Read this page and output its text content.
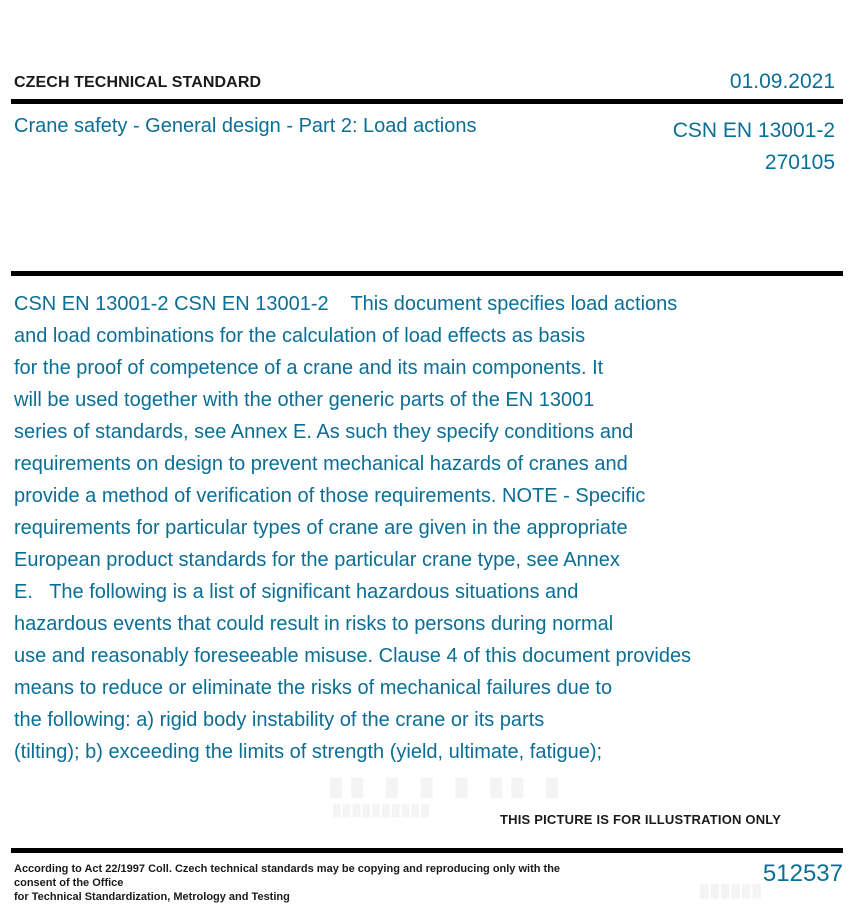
CZECH TECHNICAL STANDARD	01.09.2021
Crane safety - General design - Part 2: Load actions	CSN EN 13001-2
270105
CSN EN 13001-2 CSN EN 13001-2    This document specifies load actions
and load combinations for the calculation of load effects as basis
for the proof of competence of a crane and its main components. It
will be used together with the other generic parts of the EN 13001
series of standards, see Annex E. As such they specify conditions and
requirements on design to prevent mechanical hazards of cranes and
provide a method of verification of those requirements. NOTE - Specific
requirements for particular types of crane are given in the appropriate
European product standards for the particular crane type, see Annex
E.   The following is a list of significant hazardous situations and
hazardous events that could result in risks to persons during normal
use and reasonably foreseeable misuse. Clause 4 of this document provides
means to reduce or eliminate the risks of mechanical failures due to
the following: a) rigid body instability of the crane or its parts
(tilting); b) exceeding the limits of strength (yield, ultimate, fatigue);
THIS PICTURE IS FOR ILLUSTRATION ONLY
According to Act 22/1997 Coll. Czech technical standards may be copying and reproducing only with the consent of the Office
for Technical Standardization, Metrology and Testing
512537
